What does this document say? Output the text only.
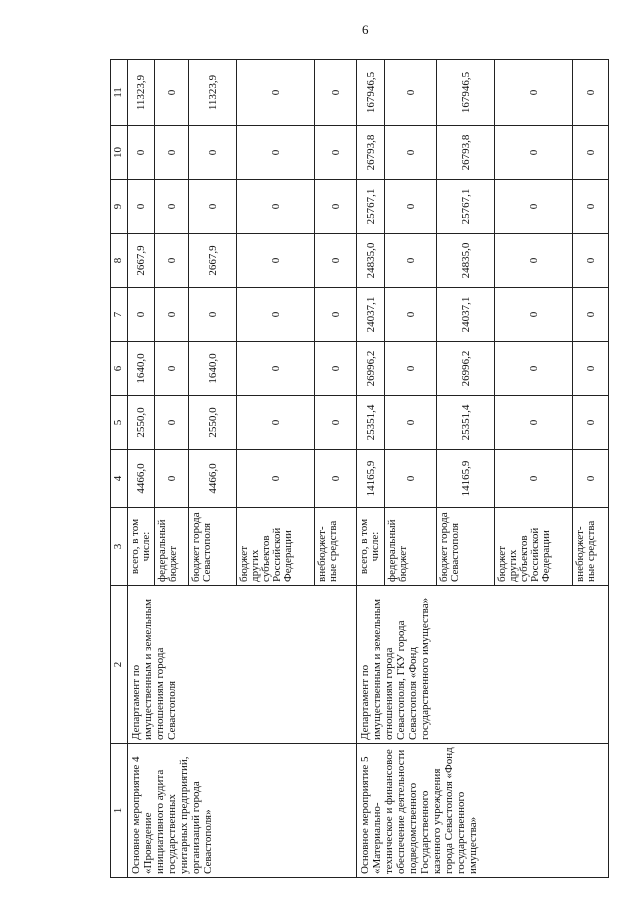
6
1	2	3	4	5	6	7	8	9	10	11
Основное мероприятие 4 «Проведение инициативного аудита государственных унитарных предприятий, организаций города Севастополя»	Департамент по имущественным и земельным отношениям города Севастополя	всего, в том числе:	4466,0	2550,0	1640,0	0	2667,9	0	0	11323,9
		федеральный бюджет	0	0	0	0	0	0	0	0
		бюджет города Севастополя	4466,0	2550,0	1640,0	0	2667,9	0	0	11323,9
		бюджет других субъектов Российской Федерации	0	0	0	0	0	0	0	0
		внебюджет-ные средства	0	0	0	0	0	0	0	0
Основное мероприятие 5 «Материально-техническое и финансовое обеспечение деятельности подведомственного Государственного казенного учреждения города Севастополя «Фонд государственного имущества»	Департамент по имущественным и земельным отношениям города Севастополя, ГКУ города Севастополя «Фонд государственного имущества»	всего, в том числе:	14165,9	25351,4	26996,2	24037,1	24835,0	25767,1	26793,8	167946,5
		федеральный бюджет	0	0	0	0	0	0	0	0
		бюджет города Севастополя	14165,9	25351,4	26996,2	24037,1	24835,0	25767,1	26793,8	167946,5
		бюджет других субъектов Российской Федерации	0	0	0	0	0	0	0	0
		внебюджет-ные средства	0	0	0	0	0	0	0	0
